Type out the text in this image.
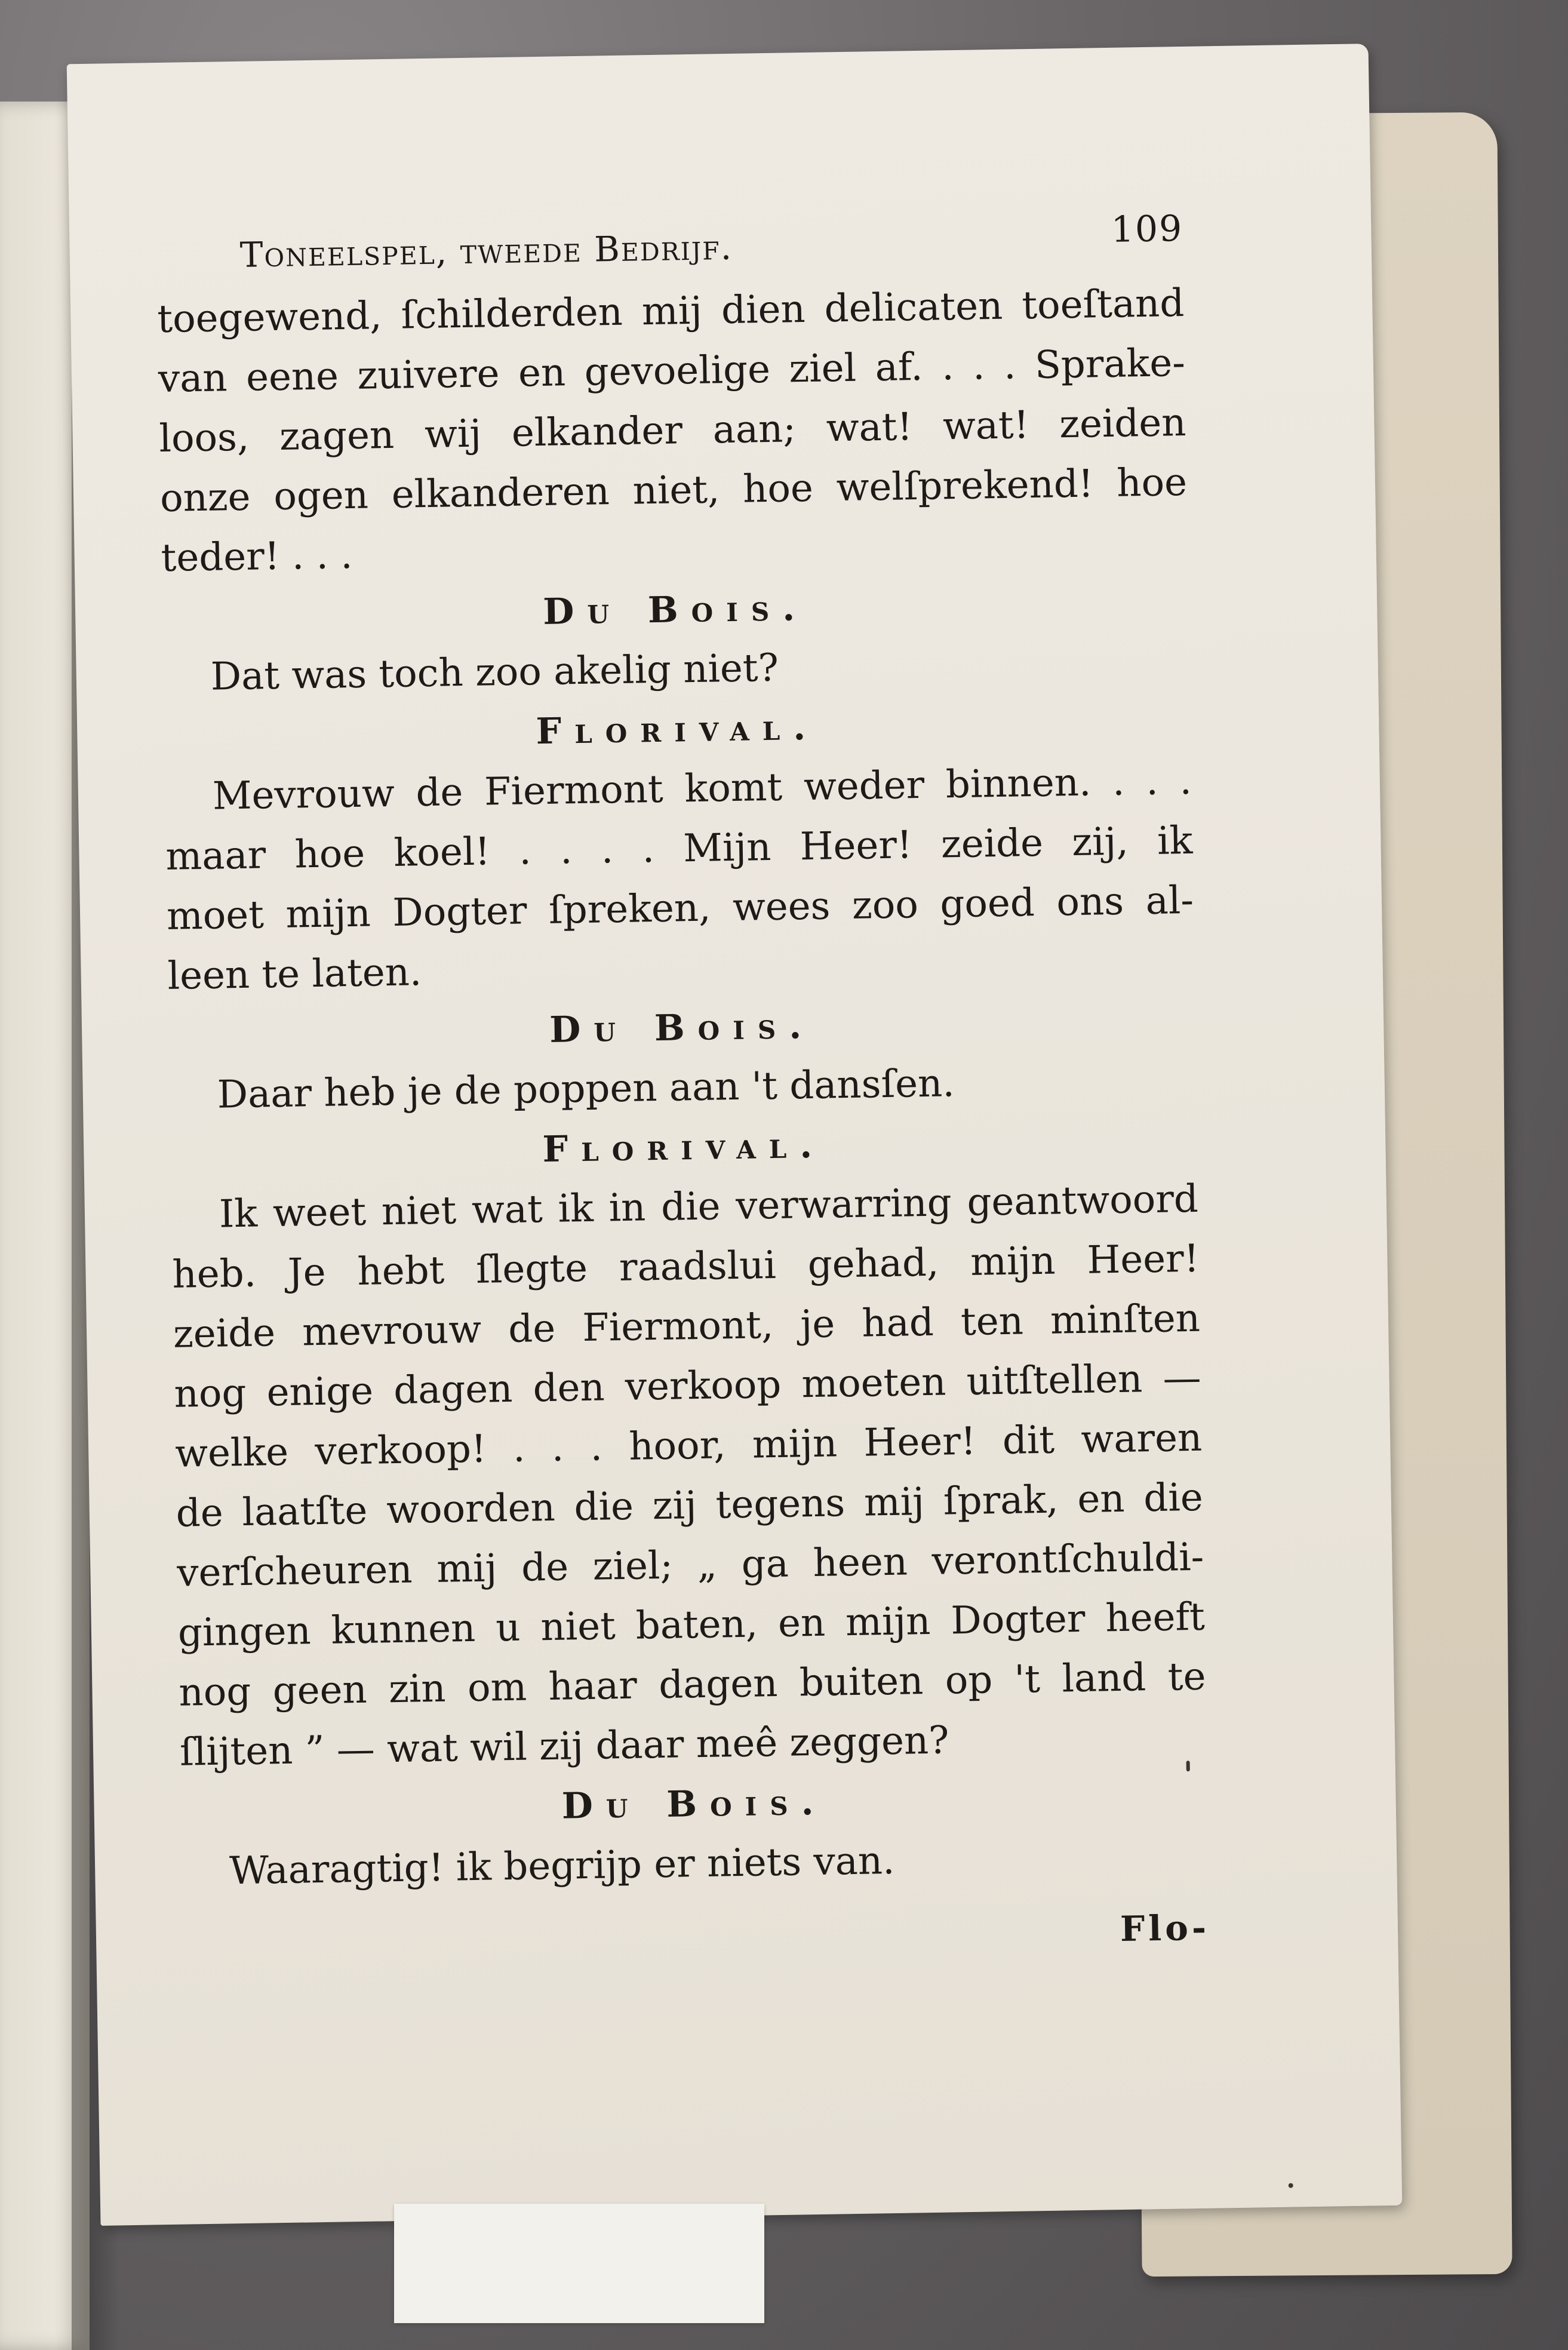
Toneelspel, tweede Bedrijf.	109
toegewend, ſchilderden mij dien delicaten toeſtand
van eene zuivere en gevoelige ziel af. . . . Sprake-
loos, zagen wij elkander aan; wat! wat! zeiden
onze ogen elkanderen niet, hoe welſprekend! hoe
teder! . . .
Du Bois.
Dat was toch zoo akelig niet?
Florival.
Mevrouw de Fiermont komt weder binnen. . . .
maar hoe koel! . . . . Mijn Heer! zeide zij, ik
moet mijn Dogter ſpreken, wees zoo goed ons al-
leen te laten.
Du Bois.
Daar heb je de poppen aan 't dansſen.
Florival.
Ik weet niet wat ik in die verwarring geantwoord
heb. Je hebt ſlegte raadslui gehad, mijn Heer!
zeide mevrouw de Fiermont, je had ten minſten
nog enige dagen den verkoop moeten uitſtellen —
welke verkoop! . . . hoor, mijn Heer! dit waren
de laatſte woorden die zij tegens mij ſprak, en die
verſcheuren mij de ziel; „ ga heen verontſchuldi-
gingen kunnen u niet baten, en mijn Dogter heeft
nog geen zin om haar dagen buiten op 't land te
ſlijten ” — wat wil zij daar meê zeggen?
Du Bois.
Waaragtig! ik begrijp er niets van.
Flo-
